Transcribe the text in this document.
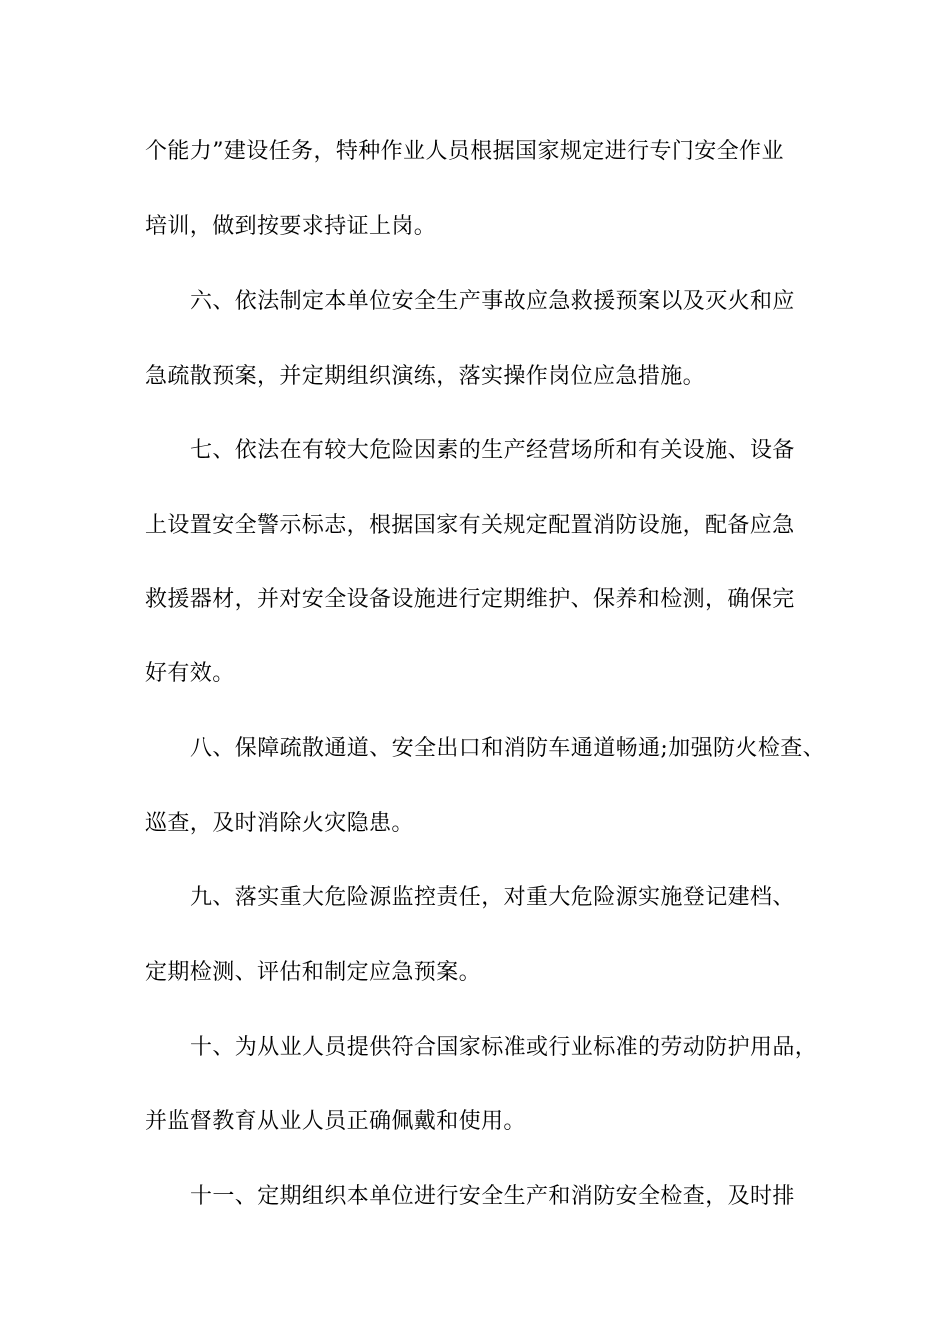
个能力”建设任务，特种作业人员根据国家规定进行专门安全作业
培训，做到按要求持证上岗。
六、依法制定本单位安全生产事故应急救援预案以及灭火和应
急疏散预案，并定期组织演练，落实操作岗位应急措施。
七、依法在有较大危险因素的生产经营场所和有关设施、设备
上设置安全警示标志，根据国家有关规定配置消防设施，配备应急
救援器材，并对安全设备设施进行定期维护、保养和检测，确保完
好有效。
八、保障疏散通道、安全出口和消防车通道畅通;加强防火检查、
巡查，及时消除火灾隐患。
九、落实重大危险源监控责任，对重大危险源实施登记建档、
定期检测、评估和制定应急预案。
十、为从业人员提供符合国家标准或行业标准的劳动防护用品，
并监督教育从业人员正确佩戴和使用。
十一、定期组织本单位进行安全生产和消防安全检查，及时排
